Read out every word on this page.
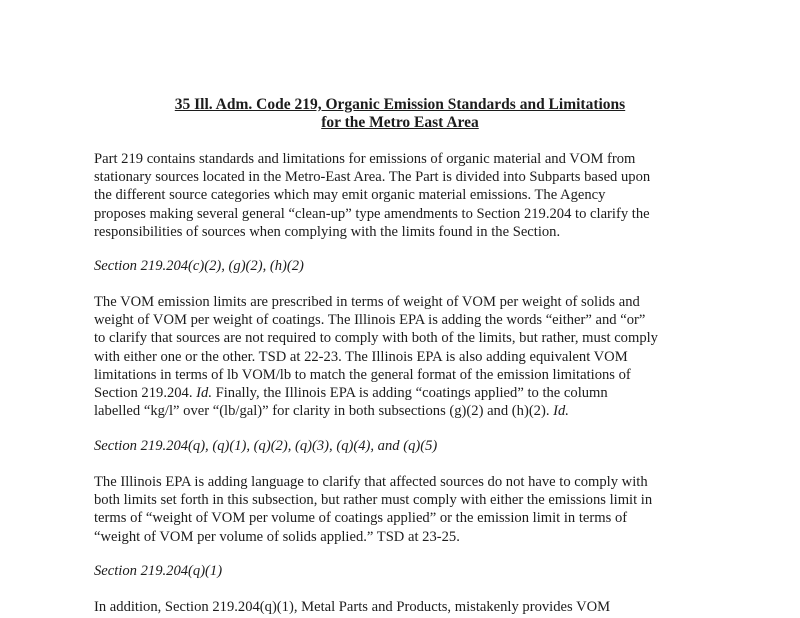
35 Ill. Adm. Code 219, Organic Emission Standards and Limitations
for the Metro East Area

Part 219 contains standards and limitations for emissions of organic material and VOM from
stationary sources located in the Metro-East Area. The Part is divided into Subparts based upon
the different source categories which may emit organic material emissions. The Agency
proposes making several general “clean-up” type amendments to Section 219.204 to clarify the
responsibilities of sources when complying with the limits found in the Section.

Section 219.204(c)(2), (g)(2), (h)(2)

The VOM emission limits are prescribed in terms of weight of VOM per weight of solids and
weight of VOM per weight of coatings. The Illinois EPA is adding the words “either” and “or”
to clarify that sources are not required to comply with both of the limits, but rather, must comply
with either one or the other. TSD at 22-23. The Illinois EPA is also adding equivalent VOM
limitations in terms of lb VOM/lb to match the general format of the emission limitations of
Section 219.204. Id. Finally, the Illinois EPA is adding “coatings applied” to the column
labelled “kg/l” over “(lb/gal)” for clarity in both subsections (g)(2) and (h)(2). Id.

Section 219.204(q), (q)(1), (q)(2), (q)(3), (q)(4), and (q)(5)

The Illinois EPA is adding language to clarify that affected sources do not have to comply with
both limits set forth in this subsection, but rather must comply with either the emissions limit in
terms of “weight of VOM per volume of coatings applied” or the emission limit in terms of
“weight of VOM per volume of solids applied.” TSD at 23-25.

Section 219.204(q)(1)

In addition, Section 219.204(q)(1), Metal Parts and Products, mistakenly provides VOM
